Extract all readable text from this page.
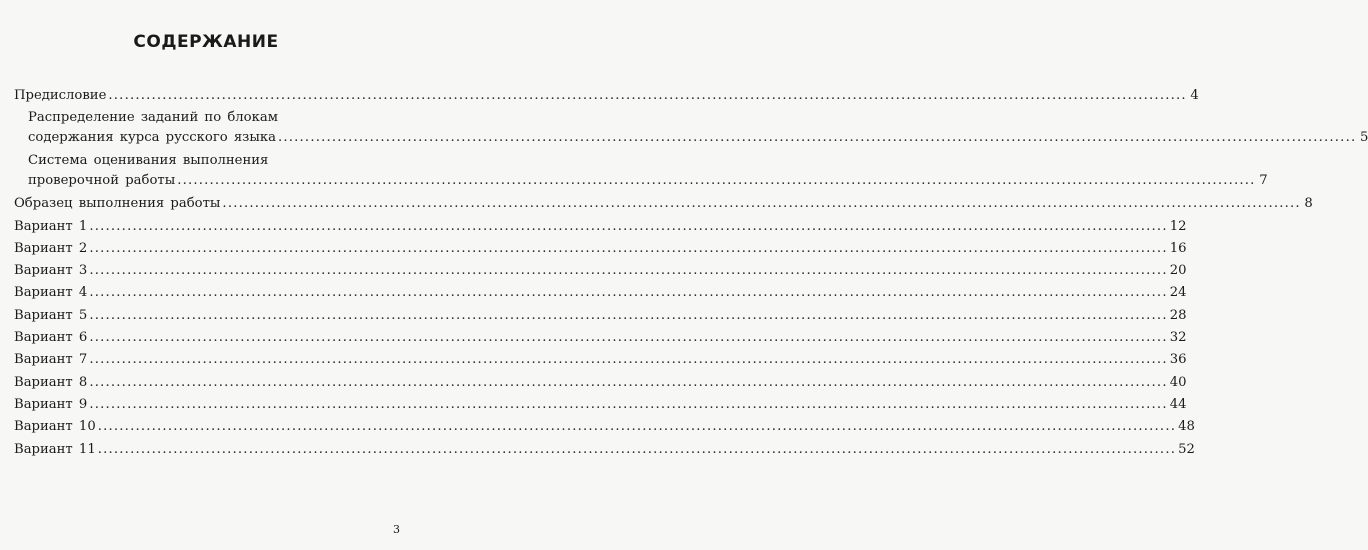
СОДЕРЖАНИЕ
Предисловие ........................................................................................................................................................................................................ 4
Распределение заданий по блокам
содержания курса русского языка ........................................................................................................................................................................................................ 5
Система оценивания выполнения
проверочной работы ........................................................................................................................................................................................................ 7
Образец выполнения работы ........................................................................................................................................................................................................ 8
Вариант 1 ........................................................................................................................................................................................................ 12
Вариант 2 ........................................................................................................................................................................................................ 16
Вариант 3 ........................................................................................................................................................................................................ 20
Вариант 4 ........................................................................................................................................................................................................ 24
Вариант 5 ........................................................................................................................................................................................................ 28
Вариант 6 ........................................................................................................................................................................................................ 32
Вариант 7 ........................................................................................................................................................................................................ 36
Вариант 8 ........................................................................................................................................................................................................ 40
Вариант 9 ........................................................................................................................................................................................................ 44
Вариант 10 ........................................................................................................................................................................................................ 48
Вариант 11 ........................................................................................................................................................................................................ 52
3
